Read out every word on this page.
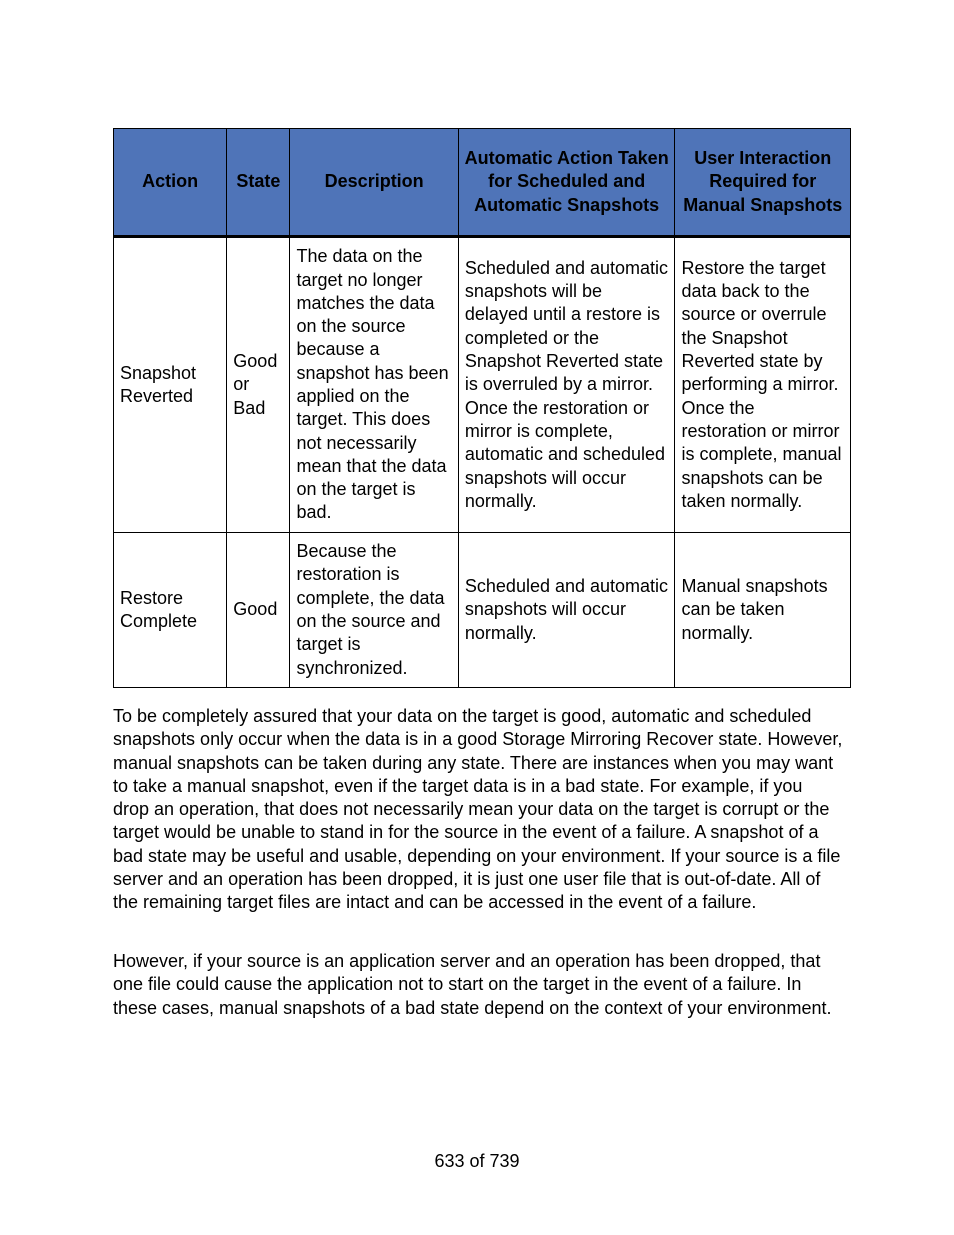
Action	State	Description	Automatic Action Taken for Scheduled and Automatic Snapshots	User Interaction Required for Manual Snapshots
Snapshot Reverted	Good or Bad	The data on the target no longer matches the data on the source because a snapshot has been applied on the target. This does not necessarily mean that the data on the target is bad.	Scheduled and automatic snapshots will be delayed until a restore is completed or the Snapshot Reverted state is overruled by a mirror. Once the restoration or mirror is complete, automatic and scheduled snapshots will occur normally.	Restore the target data back to the source or overrule the Snapshot Reverted state by performing a mirror. Once the restoration or mirror is complete, manual snapshots can be taken normally.
Restore Complete	Good	Because the restoration is complete, the data on the source and target is synchronized.	Scheduled and automatic snapshots will occur normally.	Manual snapshots can be taken normally.

To be completely assured that your data on the target is good, automatic and scheduled snapshots only occur when the data is in a good Storage Mirroring Recover state. However, manual snapshots can be taken during any state. There are instances when you may want to take a manual snapshot, even if the target data is in a bad state. For example, if you drop an operation, that does not necessarily mean your data on the target is corrupt or the target would be unable to stand in for the source in the event of a failure. A snapshot of a bad state may be useful and usable, depending on your environment. If your source is a file server and an operation has been dropped, it is just one user file that is out-of-date. All of the remaining target files are intact and can be accessed in the event of a failure.

However, if your source is an application server and an operation has been dropped, that one file could cause the application not to start on the target in the event of a failure. In these cases, manual snapshots of a bad state depend on the context of your environment.

633 of 739
